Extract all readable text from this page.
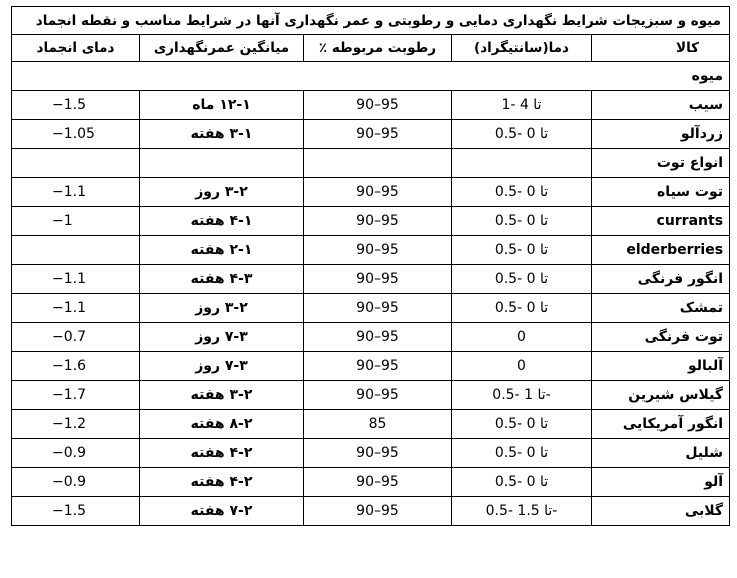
میوه و سبزیجات شرایط نگهداری دمایی و رطوبتی و عمر نگهداری آنها در شرایط مناسب و نقطه انجماد				
دمای انجماد	میانگین عمرنگهداری	رطوبت مربوطه ٪	دما(سانتیگراد)	کالا
میوه				
−1.5	۱۲-۱ ماه	90–95	1- تا 4	سیب
−1.05	۳-۱ هفته	90–95	0.5- تا 0	زردآلو
				انواع توت
−1.1	۳-۲ روز	90–95	0.5- تا 0	توت سیاه
−1	۴-۱ هفته	90–95	0.5- تا 0	currants
	۲-۱ هفته	90–95	0.5- تا 0	elderberries
−1.1	۴-۳ هفته	90–95	0.5- تا 0	انگور فرنگی
−1.1	۳-۲ روز	90–95	0.5- تا 0	تمشک
−0.7	۷-۳ روز	90–95	0	توت فرنگی
−1.6	۷-۳ روز	90–95	0	آلبالو
−1.7	۳-۲ هفته	90–95	0.5- تا 1-	گیلاس شیرین
−1.2	۸-۲ هفته	85	0.5- تا 0	انگور آمریکایی
−0.9	۴-۲ هفته	90–95	0.5- تا 0	شلیل
−0.9	۴-۲ هفته	90–95	0.5- تا 0	آلو
−1.5	۷-۲ هفته	90–95	0.5- تا 1.5-	گلابی
